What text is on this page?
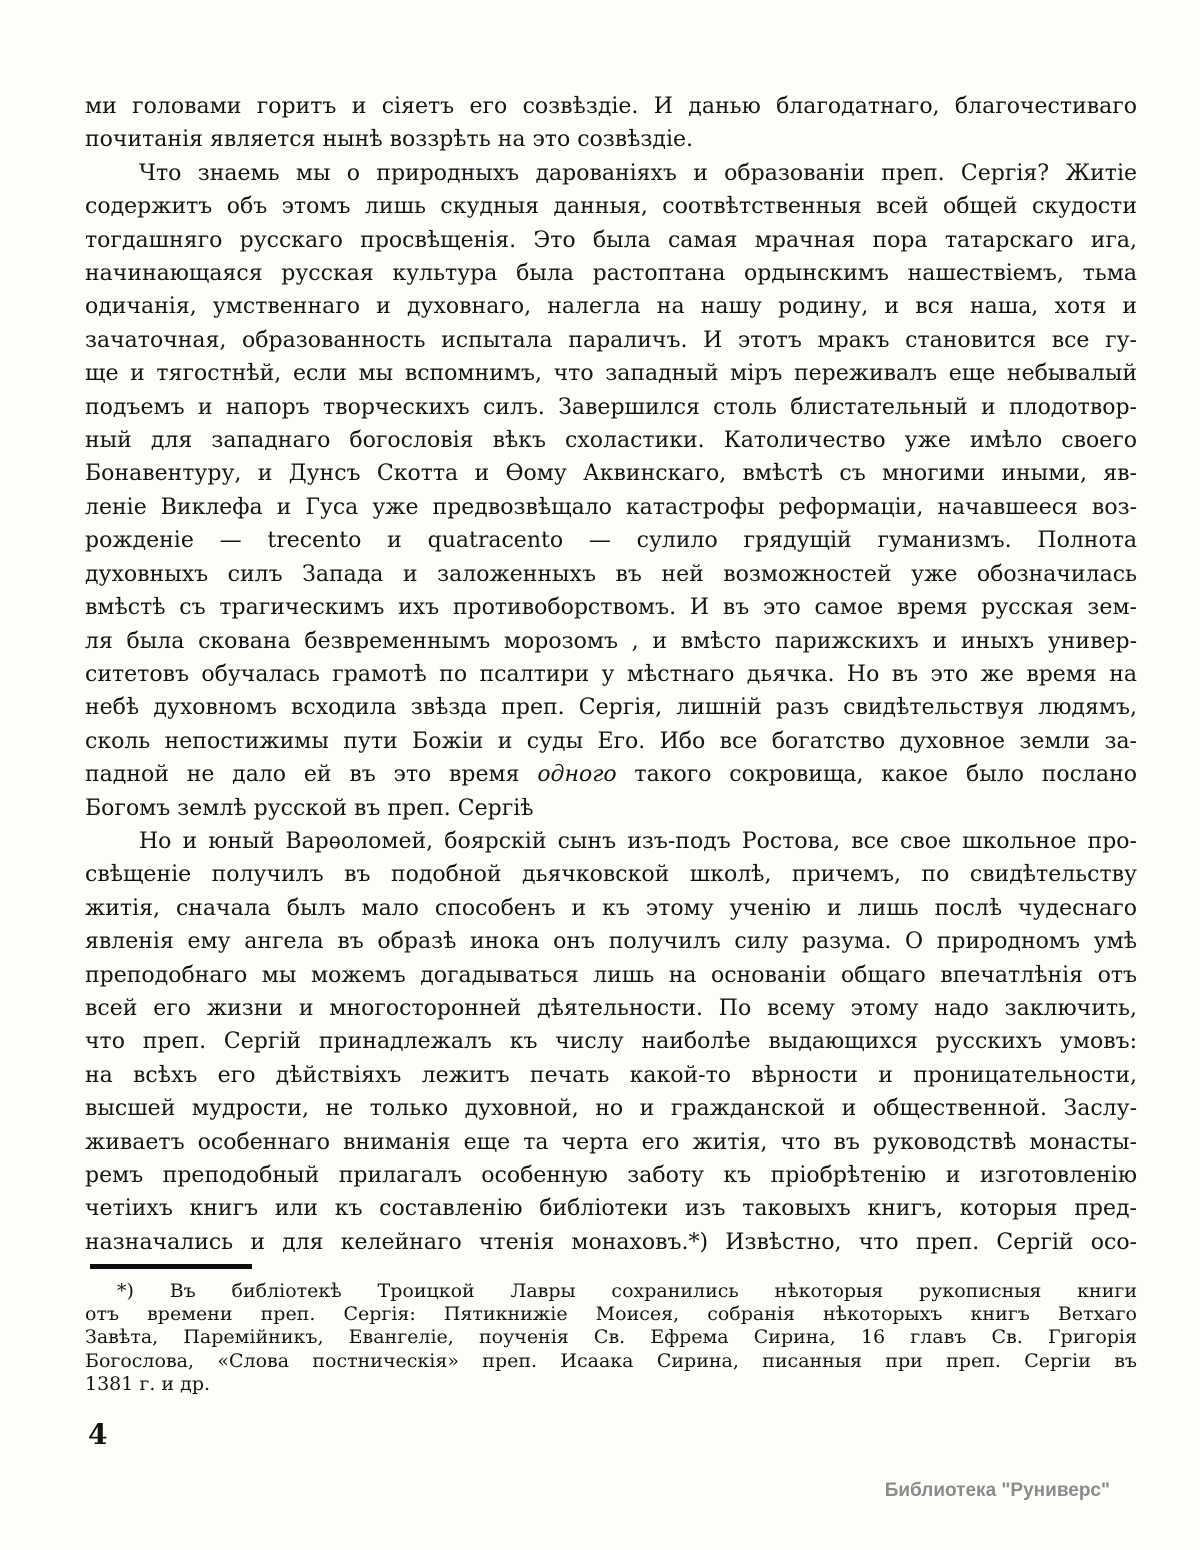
ми головами горитъ и сіяетъ его созвѣздіе. И данью благодатнаго, благочестиваго
почитанія является нынѣ воззрѣть на это созвѣздіе.
Что знаемь мы о природныхъ дарованіяхъ и образованіи преп. Сергія? Житіе
содержитъ объ этомъ лишь скудныя данныя, соотвѣтственныя всей общей скудости
тогдашняго русскаго просвѣщенія. Это была самая мрачная пора татарскаго ига,
начинающаяся русская культура была растоптана ордынскимъ нашествіемъ, тьма
одичанія, умственнаго и духовнаго, налегла на нашу родину, и вся наша, хотя и
зачаточная, образованность испытала параличъ. И этотъ мракъ становится все гу-
ще и тягостнѣй, если мы вспомнимъ, что западный міръ переживалъ еще небывалый
подъемъ и напоръ творческихъ силъ. Завершился столь блистательный и плодотвор-
ный для западнаго богословія вѣкъ схоластики. Католичество уже имѣло своего
Бонавентуру, и Дунсъ Скотта и Ѳому Аквинскаго, вмѣстѣ съ многими иными, яв-
леніе Виклефа и Гуса уже предвозвѣщало катастрофы реформаціи, начавшееся воз-
рожденіе — trecento и quatracento — сулило грядущій гуманизмъ. Полнота
духовныхъ силъ Запада и заложенныхъ въ ней возможностей уже обозначилась
вмѣстѣ съ трагическимъ ихъ противоборствомъ. И въ это самое время русская зем-
ля была скована безвременнымъ морозомъ , и вмѣсто парижскихъ и иныхъ универ-
ситетовъ обучалась грамотѣ по псалтири у мѣстнаго дьячка. Но въ это же время на
небѣ духовномъ всходила звѣзда преп. Сергія, лишній разъ свидѣтельствуя людямъ,
сколь непостижимы пути Божіи и суды Его. Ибо все богатство духовное земли за-
падной не дало ей въ это время одного такого сокровища, какое было послано
Богомъ землѣ русской въ преп. Сергіѣ
Но и юный Варѳоломей, боярскій сынъ изъ-подъ Ростова, все свое школьное про-
свѣщеніе получилъ въ подобной дьячковской школѣ, причемъ, по свидѣтельству
житія, сначала былъ мало способенъ и къ этому ученію и лишь послѣ чудеснаго
явленія ему ангела въ образѣ инока онъ получилъ силу разума. О природномъ умѣ
преподобнаго мы можемъ догадываться лишь на основаніи общаго впечатлѣнія отъ
всей его жизни и многосторонней дѣятельности. По всему этому надо заключить,
что преп. Сергій принадлежалъ къ числу наиболѣе выдающихся русскихъ умовъ:
на всѣхъ его дѣйствіяхъ лежитъ печать какой-то вѣрности и проницательности,
высшей мудрости, не только духовной, но и гражданской и общественной. Заслу-
живаетъ особеннаго вниманія еще та черта его житія, что въ руководствѣ монасты-
ремъ преподобный прилагалъ особенную заботу къ пріобрѣтенію и изготовленію
четіихъ книгъ или къ составленію библіотеки изъ таковыхъ книгъ, которыя пред-
назначались и для келейнаго чтенія монаховъ.*) Извѣстно, что преп. Сергій осо-
*) Въ библіотекѣ Троицкой Лавры сохранились нѣкоторыя рукописныя книги
отъ времени преп. Сергія: Пятикнижіе Моисея, собранія нѣкоторыхъ книгъ Ветхаго
Завѣта, Паремійникъ, Евангеліе, поученія Св. Ефрема Сирина, 16 главъ Св. Григорія
Богослова, «Слова постническія» преп. Исаака Сирина, писанныя при преп. Сергіи въ
1381 г. и др.
4
Библиотека "Руниверс"
